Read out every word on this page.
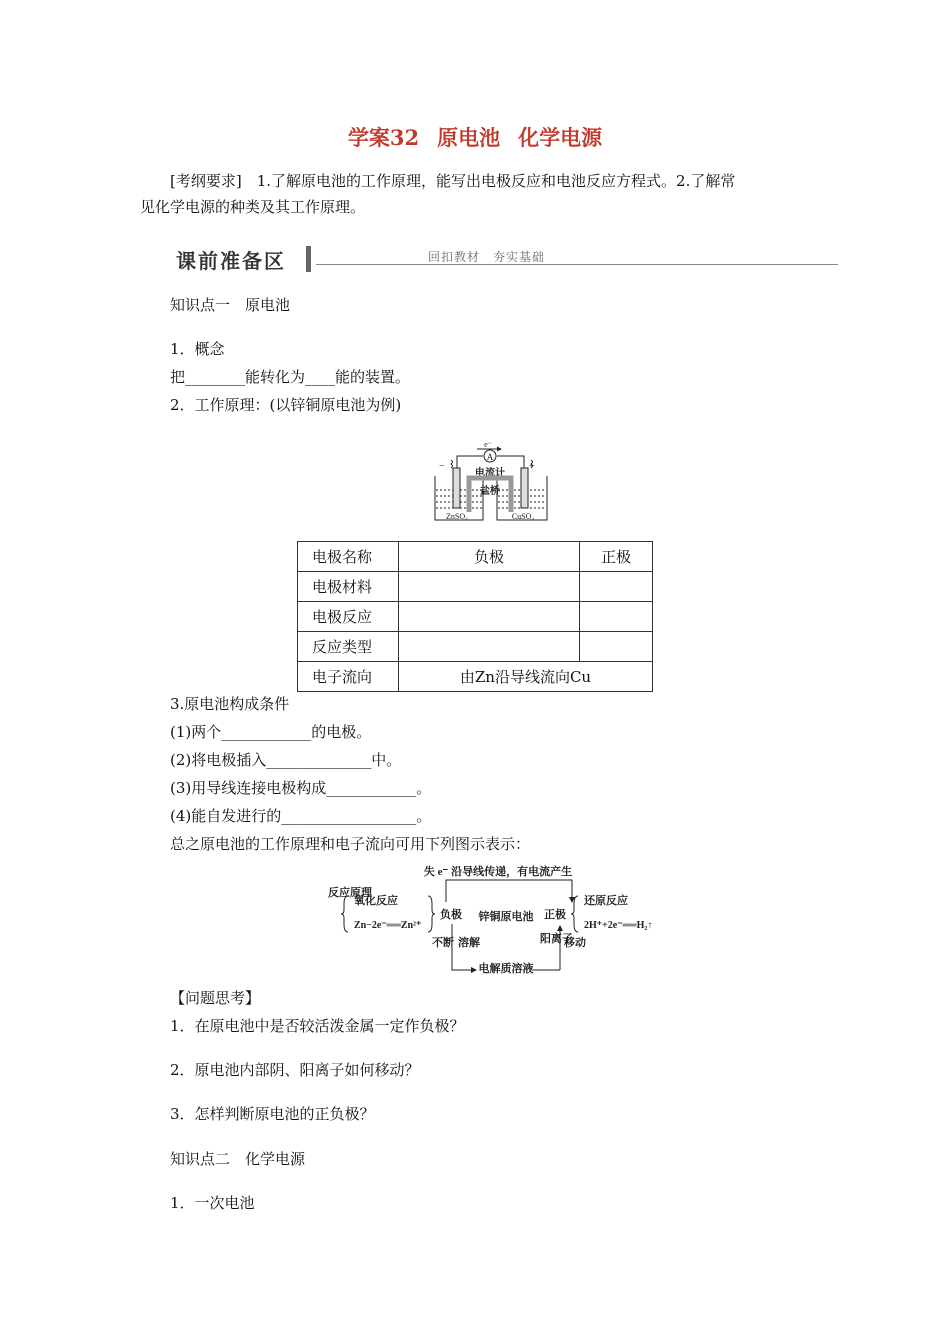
学案32 原电池 化学电源
[考纲要求]　1.了解原电池的工作原理，能写出电极反应和电池反应方程式。2.了解常
见化学电源的种类及其工作原理。
课前准备区	回扣教材　夯实基础
知识点一　原电池
1．概念
把________能转化为____能的装置。
2．工作原理：(以锌铜原电池为例)
A
e⁻
−	+
电流计
盐桥
ZnSO₄	CuSO₄
电极名称	负极	正极
电极材料		
电极反应		
反应类型		
电子流向	由Zn沿导线流向Cu	
3.原电池构成条件
(1)两个____________的电极。
(2)将电极插入______________中。
(3)用导线连接电极构成____________。
(4)能自发进行的__________________。
总之原电池的工作原理和电子流向可用下列图示表示：
失 e⁻ 沿导线传递，有电流产生
反应原理
氧化反应
Zn−2e⁻══Zn²⁺
负极 锌铜原电池 正极
还原反应
2H⁺+2e⁻══H₂↑
不断 溶解	阳离子
移动
电解质溶液
【问题思考】
1．在原电池中是否较活泼金属一定作负极？
2．原电池内部阴、阳离子如何移动？
3．怎样判断原电池的正负极？
知识点二　化学电源
1．一次电池
